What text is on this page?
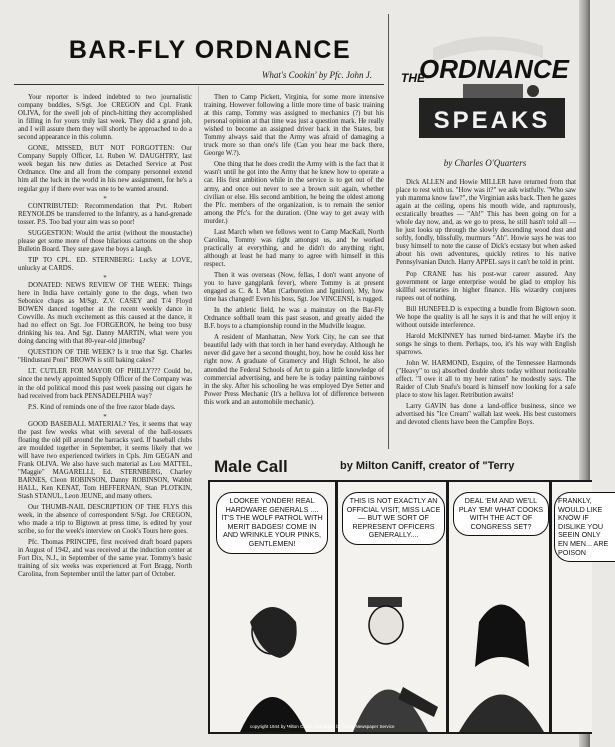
BAR-FLY ORDNANCE
What's Cookin' by Pfc. John J.

Your reporter is indeed indebted to two journalistic company buddies, S/Sgt. Joe CREGON and Cpl. Frank OLIVA, for the swell job of pinch-hitting they accomplished in filling in for yours truly last week. They did a grand job, and I will assure them they will shortly be approached to do a second appearance in this column.

GONE, MISSED, BUT NOT FORGOTTEN: Our Company Supply Officer, Lt. Ruben W. DAUGHTRY, last week began his new duties as Detached Service at Post Ordnance. One and all from the company personnel extend him all the luck in the world in his new assignment, for he's a regular guy if there ever was one to be wanted around.

*

CONTRIBUTED: Recommendation that Pvt. Robert REYNOLDS be transferred to the Infantry, as a hand-grenade tosser. P.S. Too bad your aim was so poor!

SUGGESTION: Would the artist (without the moustache) please get some more of those hilarious cartoons on the shop Bulletin Board. They sure gave the boys a laugh.

TIP TO CPL. ED. STERNBERG: Lucky at LOVE, unlucky at CARDS.

*

DONATED: NEWS REVIEW OF THE WEEK: Things here in India have certainly gone to the dogs, when two Sebonice chaps as M/Sgt. Z.V. CASEY and T/4 Floyd BOWEN danced together at the recent weekly dance in Cowville. As much excitement as this caused at the dance, it had no effect on Sgt. Joe FORGERON, he being too busy drinking his tea. And Sgt. Danny MARTIN, what were you doing dancing with that 80-year-old jitterbug?

QUESTION OF THE WEEK? Is it true that Sgt. Charles "Hindustani Poni" BROWN is still baking cakes?

LT. CUTLER FOR MAYOR OF PHILLY??? Could be, since the newly appointed Supply Officer of the Company was in the old political mood this past week passing out cigars he had received from back PENSADELPHIA way?

P.S. Kind of reminds one of the free razor blade days.

*

GOOD BASEBALL MATERIAL? Yes, it seems that way the past few weeks what with several of the ball-tossers floating the old pill around the barracks yard. If baseball clubs are moulded together in September, it seems likely that we will have two experienced twirlers in Cpls. Jim GEGAN and Frank OLIVA. We also have such material as Lou MATTEL, "Maggie" MAGARELLI, Ed. STERNBERG, Charley BARNES, Cleon ROBINSON, Danny ROBINSON, Wabbit HALL, Ken KENAT, Tom HEFFERNAN, Stan PLOTKIN, Stash STANUL, Leon JEUNE, and many others.

Our THUMB-NAIL DESCRIPTION OF THE FLYS this week, in the absence of correspondent S/Sgt. Joe CREGON, who made a trip to Bigtown at press time, is edited by your scribe, so for the week's interview on Cook's Tours here goes.

Pfc. Thomas PRINCIPE, first received draft board papers in August of 1942, and was received at the induction center at Fort Dix, N.J., in September of the same year. Tommy's basic training of six weeks was experienced at Fort Bragg, North Carolina, from September until the latter part of October.

Then to Camp Pickett, Virginia, for some more intensive training. However following a little more time of basic training at this camp, Tommy was assigned to mechanics (?) but his personal opinion at that time was just a question mark. He really wished to become an assigned driver back in the States, but Tommy always said that the Army was afraid of damaging a truck more so than one's life (Can you hear me back there, George W.?).

One thing that he does credit the Army with is the fact that it wasn't until he got into the Army that he knew how to operate a car. His first ambition while in the service is to get out of the army, and once out never to see a brown suit again, whether civilian or else. His second ambition, he being the oldest among the Pfc. members of the organization, is to remain the senior among the Pfc's. for the duration. (One way to get away with murder.)

Last March when we fellows went to Camp MacKall, North Carolina, Tommy was right amongst us, and he worked practically at everything, and he didn't do anything right, although at least he had many to agree with himself in this respect.

Then it was overseas (Now, fellas, I don't want anyone of you to have gangplank fever), where Tommy is at present engaged as C. & I. Man (Carburetion and Ignition). My, how time has changed! Even his boss, Sgt. Joe VINCENSI, is rugged.

In the athletic field, he was a mainstay on the Bar-Fly Ordnance softball team this past season, and greatly aided the B.F. boys to a championship round in the Mudville league.

A resident of Manhattan, New York City, he can see that beautiful lady with that torch in her hand everyday. Although he never did gave her a second thought, boy, how he could kiss her right now. A graduate of Gramercy and High School, he also attended the Federal Schools of Art to gain a little knowledge of commercial advertising, and here he is today painting rainbows in the sky. After his schooling he was employed Dye Setter and Power Press Mechanic (It's a helluva lot of difference between this work and an automobile mechanic).

THE
ORDNANCE
SPEAKS
by Charles O'Quarters

Dick ALLEN and Howie MILLER have returned from that place to rest with us. "How was it?" we ask wistfully. "Who saw yuh mamma know faw?", the Virginian asks back. Then he gazes again at the ceiling, opens his mouth wide, and rapturously, ecstatically breathes — "Ah!" This has been going on for a whole day now, and, as we go to press, he still hasn't told all — he just looks up through the slowly descending wood dust and softly, fondly, blissfully, murmurs "Ah". Howie says he was too busy himself to note the cause of Dick's ecstasy but when asked about his own adventures, quickly retires to his native Pennsylvanian Dutch. Harry APPEL says it can't be told in print.

Pop CRANE has his post-war career assured. Any government or large enterprise would be glad to employ his skillful secretaries in higher finance. His wizardry conjures rupees out of nothing.

Bill HUNEFELD is expecting a bundle from Bigtown soon. We hope the quality is all he says it is and that he will enjoy it without outside interference.

Harold McKINNEY has turned bird-tamer. Maybe it's the songs he sings to them. Perhaps, too, it's his way with English sparrows.

John W. HARMOND, Esquire, of the Tennessee Harmonds ("Heavy" to us) absorbed double shots today without noticeable effect. "I owe it all to my beer ration" he modestly says. The Raider of Club Snafu's board is himself now looking for a safe place to stow his lager. Retribution awaits!

Larry GAVIN has done a land-office business, since we advertised his "Ice Cream" wallah last week. His best customers and devoted clients have been the Campfire Boys.

Male Call	by Milton Caniff, creator of "Terry
LOOKEE YONDER! REAL HARDWARE GENERALS .... IT'S THE WOLF PATROL WITH MERIT BADGES! COME IN AND WRINKLE YOUR PINKS, GENTLEMEN!
THIS IS NOT EXACTLY AN OFFICIAL VISIT, MISS LACE — BUT WE SORT OF REPRESENT OFFICERS GENERALLY....
DEAL 'EM AND WE'LL PLAY 'EM! WHAT COOKS WITH THE ACT OF CONGRESS SET?
FRANKLY, WOULD LIKE KNOW IF DISLIKE YOU SEEIN ONLY EN MEN... ARE POISON
copyright 1944 by Milton Caniff, distributed by Camp Newspaper Service
6
